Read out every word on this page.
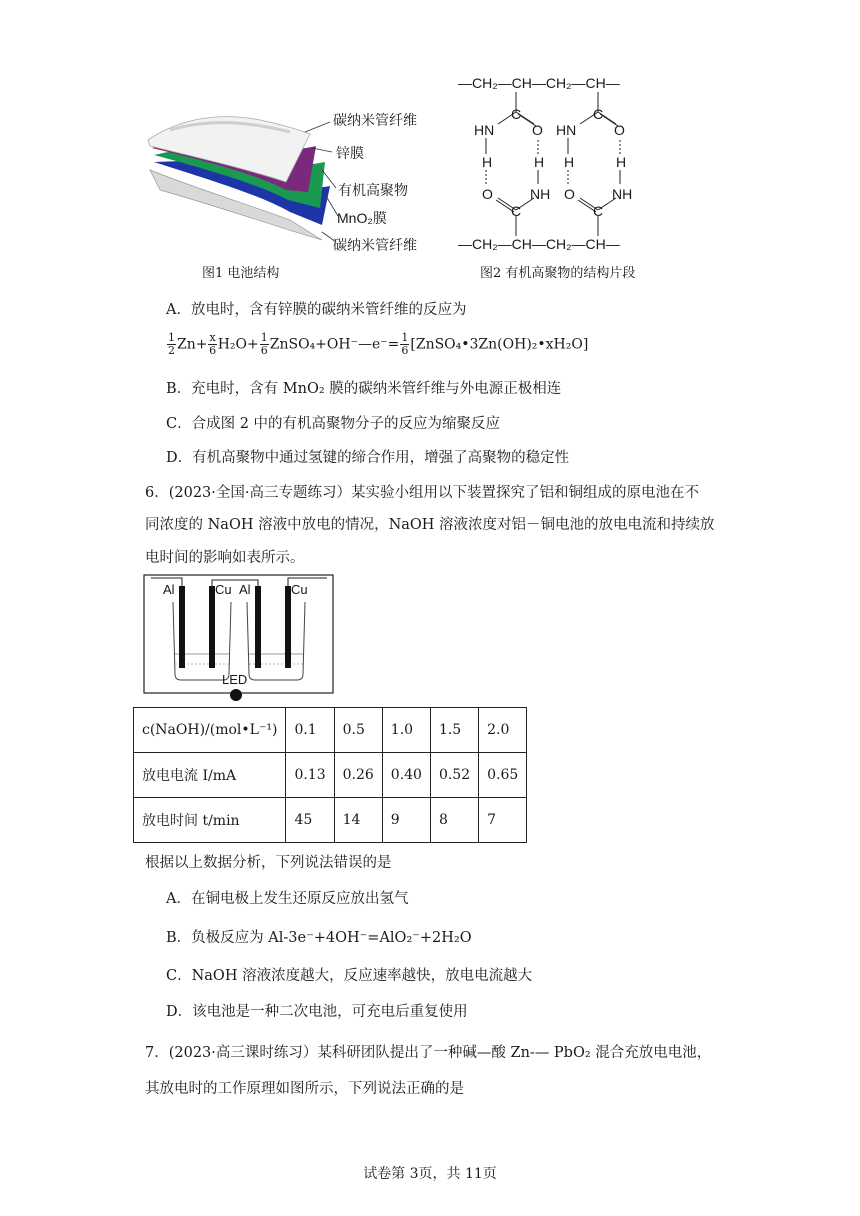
碳纳米管纤维
锌膜
有机高聚物
MnO₂膜
碳纳米管纤维
图1 电池结构
—CH₂—CH—CH₂—CH—
C	C
HN	O HN	O
H	H H	H
O	NH O	NH
C	C
—CH₂—CH—CH₂—CH—
图2 有机高聚物的结构片段
A．放电时，含有锌膜的碳纳米管纤维的反应为
$\frac{1}{2} Zn+ \frac{x}{6} H_2O+ \frac{1}{6}$ ZnSO₄+OH⁻—e⁻= $\frac{1}{6}$ [ZnSO₄•3Zn(OH)₂•xH₂O]
B．充电时，含有 MnO₂ 膜的碳纳米管纤维与外电源正极相连
C．合成图 2 中的有机高聚物分子的反应为缩聚反应
D．有机高聚物中通过氢键的缔合作用，增强了高聚物的稳定性
6．(2023·全国·高三专题练习）某实验小组用以下装置探究了铝和铜组成的原电池在不
同浓度的 NaOH 溶液中放电的情况，NaOH 溶液浓度对铝－铜电池的放电电流和持续放
电时间的影响如表所示。
Al	Cu Al	Cu
LED
c(NaOH)/(mol•L⁻¹)	0.1	0.5	1.0	1.5	2.0
放电电流 I/mA	0.13	0.26	0.40	0.52	0.65
放电时间 t/min	45	14	9	8	7
根据以上数据分析，下列说法错误的是
A．在铜电极上发生还原反应放出氢气
B．负极反应为 Al-3e⁻+4OH⁻=AlO₂⁻+2H₂O
C．NaOH 溶液浓度越大，反应速率越快，放电电流越大
D．该电池是一种二次电池，可充电后重复使用
7．(2023·高三课时练习）某科研团队提出了一种碱—酸 Zn-— PbO₂ 混合充放电电池，
其放电时的工作原理如图所示，下列说法正确的是
试卷第 3页，共 11页
